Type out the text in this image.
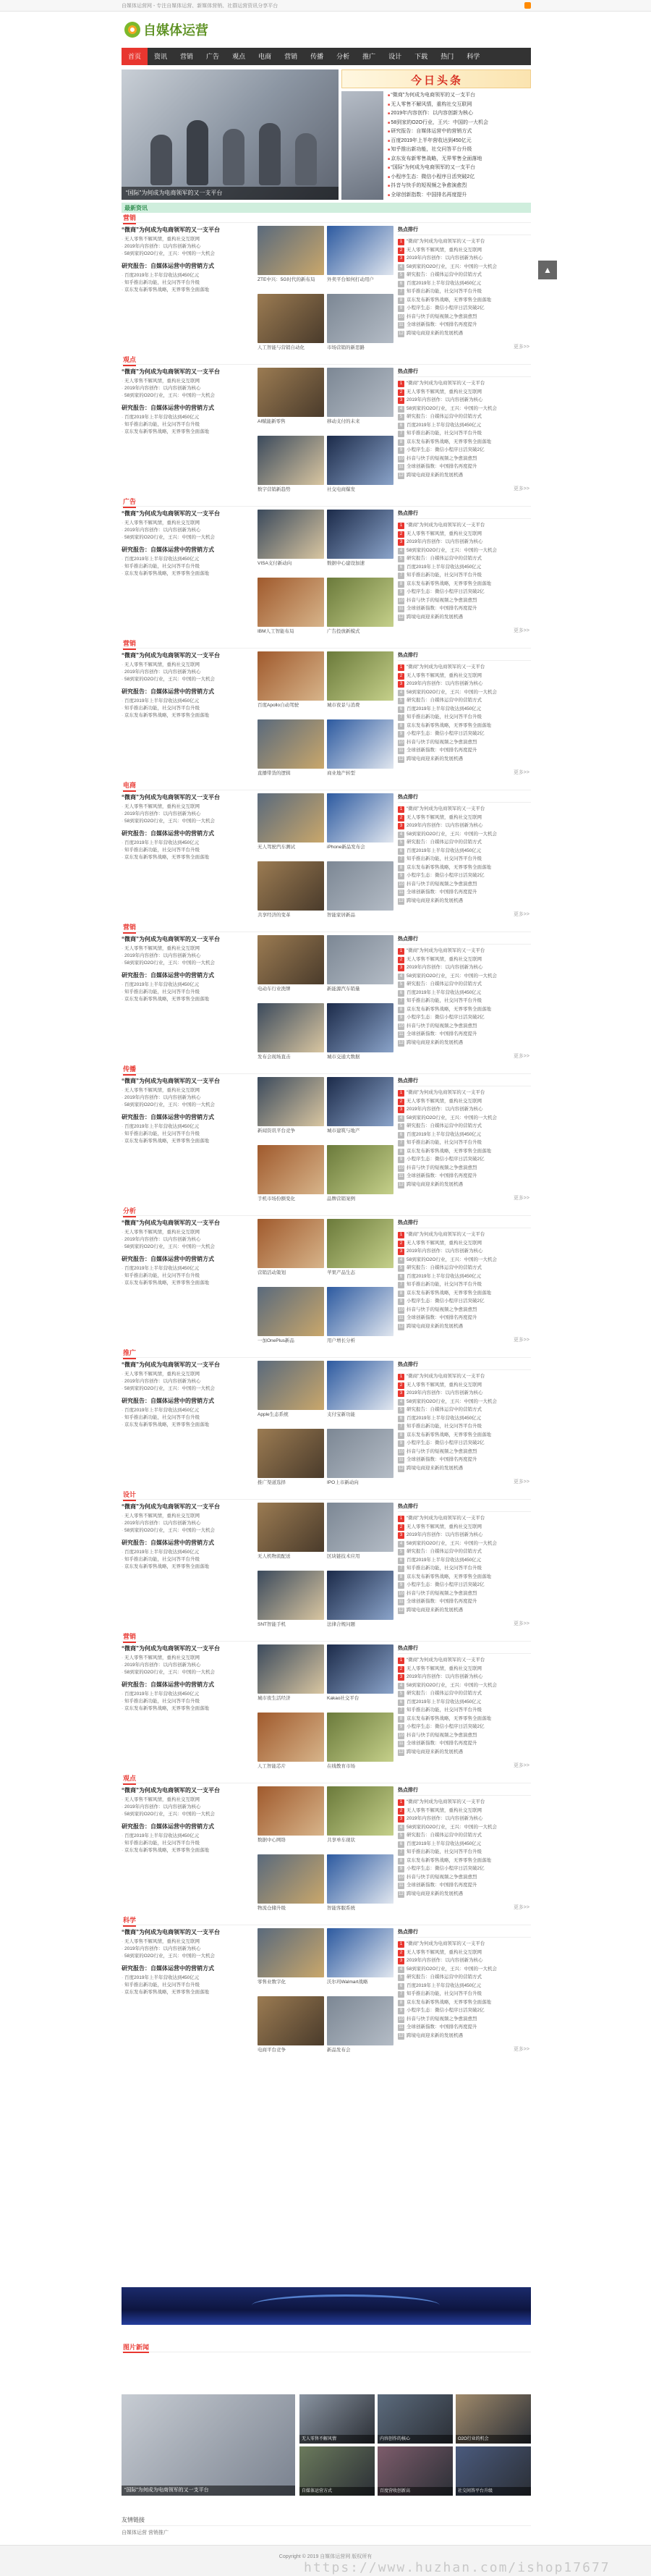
自媒体运营网 - 专注自媒体运营、新媒体营销、社群运营资讯分享平台
自媒体运营
首页	资讯	营销	广告	观点	电商	营销	传播	分析	推广	设计	下载	热门	科学
“国际”为何成为电商领军的又一支平台
今日头条
■ “微商”为何成为电商领军的又一支平台
■ 无人零售不解风情，重构社交互联网
■ 2019年内容创作：以内容创新为核心
■ 58到家的O2O行业，王兴：中国的一大机会
■ 研究报告：自媒体运营中的营销方式
■ 百度2019年上半年营收达到450亿元
■ 知乎推出新功能，社交问答平台升级
■ 京东发布新零售战略，无界零售全面落地
■ “国际”为何成为电商领军的又一支平台
■ 小程序生态：微信小程序日活突破2亿
■ 抖音与快手的短视频之争愈演愈烈
■ 全球创新指数：中国排名再度提升
最新资讯
▲
营销
“微商”为何成为电商领军的又一支平台
· 无人零售不解风情，重构社交互联网
· 2019年内容创作：以内容创新为核心
· 58到家的O2O行业，王兴：中国的一大机会
研究报告：自媒体运营中的营销方式
· 百度2019年上半年营收达到450亿元
· 知乎推出新功能，社交问答平台升级
· 京东发布新零售战略，无界零售全面落地
ZTE中兴：5G时代的新布局	外卖平台如何打动用户
人工智能与营销自动化	市场营销的新思路
热点排行
1 “微商”为何成为电商领军的又一支平台
2 无人零售不解风情，重构社交互联网
3 2019年内容创作：以内容创新为核心
4 58到家的O2O行业，王兴：中国的一大机会
5 研究报告：自媒体运营中的营销方式
6 百度2019年上半年营收达到450亿元
7 知乎推出新功能，社交问答平台升级
8 京东发布新零售战略，无界零售全面落地
9 小程序生态：微信小程序日活突破2亿
10 抖音与快手的短视频之争愈演愈烈
11 全球创新指数：中国排名再度提升
12 跨境电商迎来新的发展机遇
更多>>
观点
“微商”为何成为电商领军的又一支平台
· 无人零售不解风情，重构社交互联网
· 2019年内容创作：以内容创新为核心
· 58到家的O2O行业，王兴：中国的一大机会
研究报告：自媒体运营中的营销方式
· 百度2019年上半年营收达到450亿元
· 知乎推出新功能，社交问答平台升级
· 京东发布新零售战略，无界零售全面落地
AI赋能新零售	移动支付的未来
数字营销新趋势	社交电商爆发
热点排行
1 “微商”为何成为电商领军的又一支平台
2 无人零售不解风情，重构社交互联网
3 2019年内容创作：以内容创新为核心
4 58到家的O2O行业，王兴：中国的一大机会
5 研究报告：自媒体运营中的营销方式
6 百度2019年上半年营收达到450亿元
7 知乎推出新功能，社交问答平台升级
8 京东发布新零售战略，无界零售全面落地
9 小程序生态：微信小程序日活突破2亿
10 抖音与快手的短视频之争愈演愈烈
11 全球创新指数：中国排名再度提升
12 跨境电商迎来新的发展机遇
更多>>
广告
“微商”为何成为电商领军的又一支平台
· 无人零售不解风情，重构社交互联网
· 2019年内容创作：以内容创新为核心
· 58到家的O2O行业，王兴：中国的一大机会
研究报告：自媒体运营中的营销方式
· 百度2019年上半年营收达到450亿元
· 知乎推出新功能，社交问答平台升级
· 京东发布新零售战略，无界零售全面落地
VISA支付新动向	数据中心建设加速
IBM人工智能布局	广告投放新模式
热点排行
1 “微商”为何成为电商领军的又一支平台
2 无人零售不解风情，重构社交互联网
3 2019年内容创作：以内容创新为核心
4 58到家的O2O行业，王兴：中国的一大机会
5 研究报告：自媒体运营中的营销方式
6 百度2019年上半年营收达到450亿元
7 知乎推出新功能，社交问答平台升级
8 京东发布新零售战略，无界零售全面落地
9 小程序生态：微信小程序日活突破2亿
10 抖音与快手的短视频之争愈演愈烈
11 全球创新指数：中国排名再度提升
12 跨境电商迎来新的发展机遇
更多>>
营销
“微商”为何成为电商领军的又一支平台
· 无人零售不解风情，重构社交互联网
· 2019年内容创作：以内容创新为核心
· 58到家的O2O行业，王兴：中国的一大机会
研究报告：自媒体运营中的营销方式
· 百度2019年上半年营收达到450亿元
· 知乎推出新功能，社交问答平台升级
· 京东发布新零售战略，无界零售全面落地
百度Apollo自动驾驶	城市夜景与消费
直播带货的逻辑	商业地产转型
热点排行
1 “微商”为何成为电商领军的又一支平台
2 无人零售不解风情，重构社交互联网
3 2019年内容创作：以内容创新为核心
4 58到家的O2O行业，王兴：中国的一大机会
5 研究报告：自媒体运营中的营销方式
6 百度2019年上半年营收达到450亿元
7 知乎推出新功能，社交问答平台升级
8 京东发布新零售战略，无界零售全面落地
9 小程序生态：微信小程序日活突破2亿
10 抖音与快手的短视频之争愈演愈烈
11 全球创新指数：中国排名再度提升
12 跨境电商迎来新的发展机遇
更多>>
电商
“微商”为何成为电商领军的又一支平台
· 无人零售不解风情，重构社交互联网
· 2019年内容创作：以内容创新为核心
· 58到家的O2O行业，王兴：中国的一大机会
研究报告：自媒体运营中的营销方式
· 百度2019年上半年营收达到450亿元
· 知乎推出新功能，社交问答平台升级
· 京东发布新零售战略，无界零售全面落地
无人驾驶汽车测试	iPhone新品发布会
共享经济的变革	智能家居新品
热点排行
1 “微商”为何成为电商领军的又一支平台
2 无人零售不解风情，重构社交互联网
3 2019年内容创作：以内容创新为核心
4 58到家的O2O行业，王兴：中国的一大机会
5 研究报告：自媒体运营中的营销方式
6 百度2019年上半年营收达到450亿元
7 知乎推出新功能，社交问答平台升级
8 京东发布新零售战略，无界零售全面落地
9 小程序生态：微信小程序日活突破2亿
10 抖音与快手的短视频之争愈演愈烈
11 全球创新指数：中国排名再度提升
12 跨境电商迎来新的发展机遇
更多>>
营销
“微商”为何成为电商领军的又一支平台
· 无人零售不解风情，重构社交互联网
· 2019年内容创作：以内容创新为核心
· 58到家的O2O行业，王兴：中国的一大机会
研究报告：自媒体运营中的营销方式
· 百度2019年上半年营收达到450亿元
· 知乎推出新功能，社交问答平台升级
· 京东发布新零售战略，无界零售全面落地
电动车行业洗牌	新能源汽车销量
发布会现场直击	城市交通大数据
热点排行
1 “微商”为何成为电商领军的又一支平台
2 无人零售不解风情，重构社交互联网
3 2019年内容创作：以内容创新为核心
4 58到家的O2O行业，王兴：中国的一大机会
5 研究报告：自媒体运营中的营销方式
6 百度2019年上半年营收达到450亿元
7 知乎推出新功能，社交问答平台升级
8 京东发布新零售战略，无界零售全面落地
9 小程序生态：微信小程序日活突破2亿
10 抖音与快手的短视频之争愈演愈烈
11 全球创新指数：中国排名再度提升
12 跨境电商迎来新的发展机遇
更多>>
传播
“微商”为何成为电商领军的又一支平台
· 无人零售不解风情，重构社交互联网
· 2019年内容创作：以内容创新为核心
· 58到家的O2O行业，王兴：中国的一大机会
研究报告：自媒体运营中的营销方式
· 百度2019年上半年营收达到450亿元
· 知乎推出新功能，社交问答平台升级
· 京东发布新零售战略，无界零售全面落地
新闻资讯平台竞争	城市建筑与地产
手机市场份额变化	品牌营销案例
热点排行
1 “微商”为何成为电商领军的又一支平台
2 无人零售不解风情，重构社交互联网
3 2019年内容创作：以内容创新为核心
4 58到家的O2O行业，王兴：中国的一大机会
5 研究报告：自媒体运营中的营销方式
6 百度2019年上半年营收达到450亿元
7 知乎推出新功能，社交问答平台升级
8 京东发布新零售战略，无界零售全面落地
9 小程序生态：微信小程序日活突破2亿
10 抖音与快手的短视频之争愈演愈烈
11 全球创新指数：中国排名再度提升
12 跨境电商迎来新的发展机遇
更多>>
分析
“微商”为何成为电商领军的又一支平台
· 无人零售不解风情，重构社交互联网
· 2019年内容创作：以内容创新为核心
· 58到家的O2O行业，王兴：中国的一大机会
研究报告：自媒体运营中的营销方式
· 百度2019年上半年营收达到450亿元
· 知乎推出新功能，社交问答平台升级
· 京东发布新零售战略，无界零售全面落地
营销活动策划	苹果产品生态
一加OnePlus新品	用户增长分析
热点排行
1 “微商”为何成为电商领军的又一支平台
2 无人零售不解风情，重构社交互联网
3 2019年内容创作：以内容创新为核心
4 58到家的O2O行业，王兴：中国的一大机会
5 研究报告：自媒体运营中的营销方式
6 百度2019年上半年营收达到450亿元
7 知乎推出新功能，社交问答平台升级
8 京东发布新零售战略，无界零售全面落地
9 小程序生态：微信小程序日活突破2亿
10 抖音与快手的短视频之争愈演愈烈
11 全球创新指数：中国排名再度提升
12 跨境电商迎来新的发展机遇
更多>>
推广
“微商”为何成为电商领军的又一支平台
· 无人零售不解风情，重构社交互联网
· 2019年内容创作：以内容创新为核心
· 58到家的O2O行业，王兴：中国的一大机会
研究报告：自媒体运营中的营销方式
· 百度2019年上半年营收达到450亿元
· 知乎推出新功能，社交问答平台升级
· 京东发布新零售战略，无界零售全面落地
Apple生态系统	支付宝新功能
推广渠道选择	IPO上市新动向
热点排行
1 “微商”为何成为电商领军的又一支平台
2 无人零售不解风情，重构社交互联网
3 2019年内容创作：以内容创新为核心
4 58到家的O2O行业，王兴：中国的一大机会
5 研究报告：自媒体运营中的营销方式
6 百度2019年上半年营收达到450亿元
7 知乎推出新功能，社交问答平台升级
8 京东发布新零售战略，无界零售全面落地
9 小程序生态：微信小程序日活突破2亿
10 抖音与快手的短视频之争愈演愈烈
11 全球创新指数：中国排名再度提升
12 跨境电商迎来新的发展机遇
更多>>
设计
“微商”为何成为电商领军的又一支平台
· 无人零售不解风情，重构社交互联网
· 2019年内容创作：以内容创新为核心
· 58到家的O2O行业，王兴：中国的一大机会
研究报告：自媒体运营中的营销方式
· 百度2019年上半年营收达到450亿元
· 知乎推出新功能，社交问答平台升级
· 京东发布新零售战略，无界零售全面落地
无人机物流配送	区块链技术应用
SNT智能手机	法律合规问题
热点排行
1 “微商”为何成为电商领军的又一支平台
2 无人零售不解风情，重构社交互联网
3 2019年内容创作：以内容创新为核心
4 58到家的O2O行业，王兴：中国的一大机会
5 研究报告：自媒体运营中的营销方式
6 百度2019年上半年营收达到450亿元
7 知乎推出新功能，社交问答平台升级
8 京东发布新零售战略，无界零售全面落地
9 小程序生态：微信小程序日活突破2亿
10 抖音与快手的短视频之争愈演愈烈
11 全球创新指数：中国排名再度提升
12 跨境电商迎来新的发展机遇
更多>>
营销
“微商”为何成为电商领军的又一支平台
· 无人零售不解风情，重构社交互联网
· 2019年内容创作：以内容创新为核心
· 58到家的O2O行业，王兴：中国的一大机会
研究报告：自媒体运营中的营销方式
· 百度2019年上半年营收达到450亿元
· 知乎推出新功能，社交问答平台升级
· 京东发布新零售战略，无界零售全面落地
城市夜生活经济	Kakao社交平台
人工智能芯片	在线教育市场
热点排行
1 “微商”为何成为电商领军的又一支平台
2 无人零售不解风情，重构社交互联网
3 2019年内容创作：以内容创新为核心
4 58到家的O2O行业，王兴：中国的一大机会
5 研究报告：自媒体运营中的营销方式
6 百度2019年上半年营收达到450亿元
7 知乎推出新功能，社交问答平台升级
8 京东发布新零售战略，无界零售全面落地
9 小程序生态：微信小程序日活突破2亿
10 抖音与快手的短视频之争愈演愈烈
11 全球创新指数：中国排名再度提升
12 跨境电商迎来新的发展机遇
更多>>
观点
“微商”为何成为电商领军的又一支平台
· 无人零售不解风情，重构社交互联网
· 2019年内容创作：以内容创新为核心
· 58到家的O2O行业，王兴：中国的一大机会
研究报告：自媒体运营中的营销方式
· 百度2019年上半年营收达到450亿元
· 知乎推出新功能，社交问答平台升级
· 京东发布新零售战略，无界零售全面落地
数据中心网络	共享单车现状
物流仓储升级	智能客服系统
热点排行
1 “微商”为何成为电商领军的又一支平台
2 无人零售不解风情，重构社交互联网
3 2019年内容创作：以内容创新为核心
4 58到家的O2O行业，王兴：中国的一大机会
5 研究报告：自媒体运营中的营销方式
6 百度2019年上半年营收达到450亿元
7 知乎推出新功能，社交问答平台升级
8 京东发布新零售战略，无界零售全面落地
9 小程序生态：微信小程序日活突破2亿
10 抖音与快手的短视频之争愈演愈烈
11 全球创新指数：中国排名再度提升
12 跨境电商迎来新的发展机遇
更多>>
科学
“微商”为何成为电商领军的又一支平台
· 无人零售不解风情，重构社交互联网
· 2019年内容创作：以内容创新为核心
· 58到家的O2O行业，王兴：中国的一大机会
研究报告：自媒体运营中的营销方式
· 百度2019年上半年营收达到450亿元
· 知乎推出新功能，社交问答平台升级
· 京东发布新零售战略，无界零售全面落地
零售业数字化	沃尔玛Walmart战略
电商平台竞争	新品发布会
热点排行
1 “微商”为何成为电商领军的又一支平台
2 无人零售不解风情，重构社交互联网
3 2019年内容创作：以内容创新为核心
4 58到家的O2O行业，王兴：中国的一大机会
5 研究报告：自媒体运营中的营销方式
6 百度2019年上半年营收达到450亿元
7 知乎推出新功能，社交问答平台升级
8 京东发布新零售战略，无界零售全面落地
9 小程序生态：微信小程序日活突破2亿
10 抖音与快手的短视频之争愈演愈烈
11 全球创新指数：中国排名再度提升
12 跨境电商迎来新的发展机遇
更多>>
图片新闻
“国际”为何成为电商领军的又一支平台
无人零售不解风情	内容创作的核心	O2O行业的机会
自媒体运营方式	百度营收创新高	社交问答平台升级
友情链接
自媒体运营 营销推广
Copyright © 2019 自媒体运营网 版权所有
https://www.huzhan.com/ishop17677
